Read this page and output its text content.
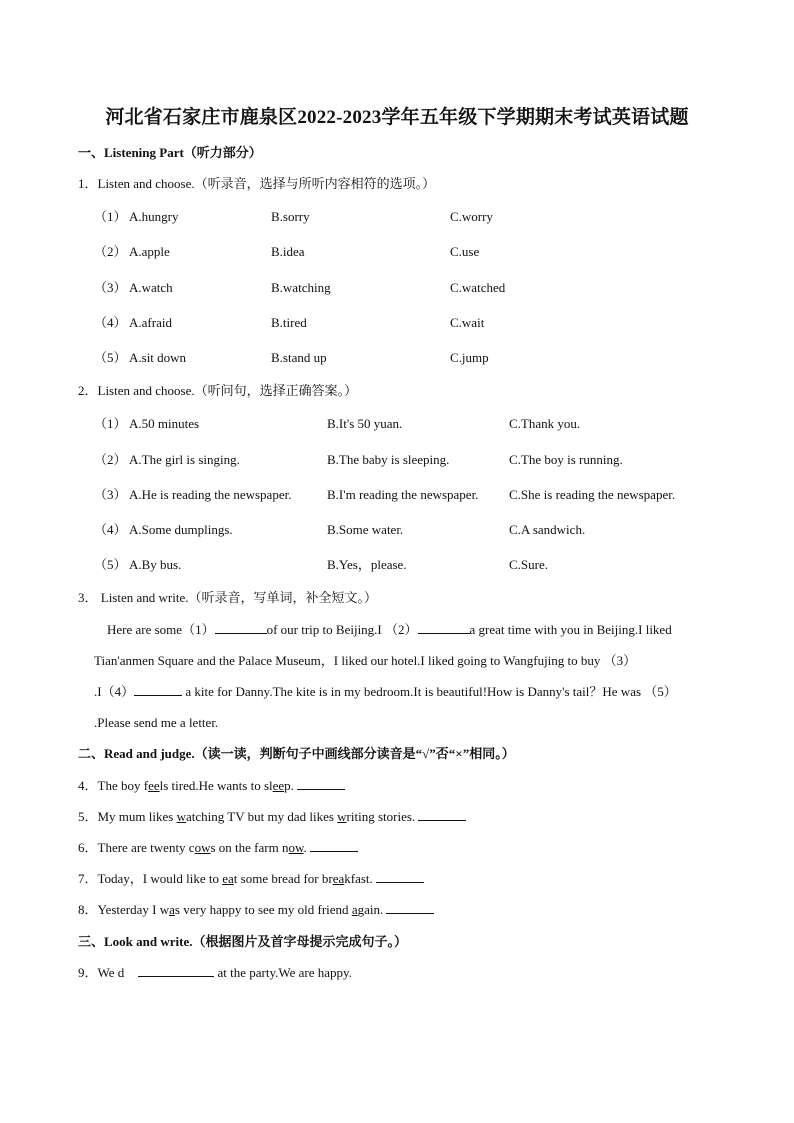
河北省石家庄市鹿泉区2022-2023学年五年级下学期期末考试英语试题
一、Listening Part（听力部分）
1．Listen and choose.（听录音，选择与所听内容相符的选项。）
（1） A.hungry	B.sorry	C.worry
（2） A.apple	B.idea	C.use
（3） A.watch	B.watching	C.watched
（4） A.afraid	B.tired	C.wait
（5） A.sit down	B.stand up	C.jump
2．Listen and choose.（听问句，选择正确答案。）
（1） A.50 minutes	B.It's 50 yuan.	C.Thank you.
（2） A.The girl is singing.	B.The baby is sleeping.	C.The boy is running.
（3） A.He is reading the newspaper.	B.I'm reading the newspaper. C.She is reading the newspaper.
（4） A.Some dumplings.	B.Some water.	C.A sandwich.
（5） A.By bus.	B.Yes，please.	C.Sure.
3． Listen and write.（听录音，写单词，补全短文。）
Here are some（1）	of our trip to Beijing.I （2）	a great time with you in Beijing.I liked
Tian'anmen Square and the Palace Museum，I liked our hotel.I liked going to Wangfujing to buy （3）
.I（4）	a kite for Danny.The kite is in my bedroom.It is beautiful!How is Danny's tail？He was （5）
.Please send me a letter.
二、Read and judge.（读一读，判断句子中画线部分读音是“√”否“×”相同。）
4．The boy feels tired.He wants to sleep.
5．My mum likes watching TV but my dad likes writing stories.
6．There are twenty cows on the farm now.
7．Today，I would like to eat some bread for breakfast.
8．Yesterday I was very happy to see my old friend again.
三、Look and write.（根据图片及首字母提示完成句子。）
9．We d	at the party.We are happy.
